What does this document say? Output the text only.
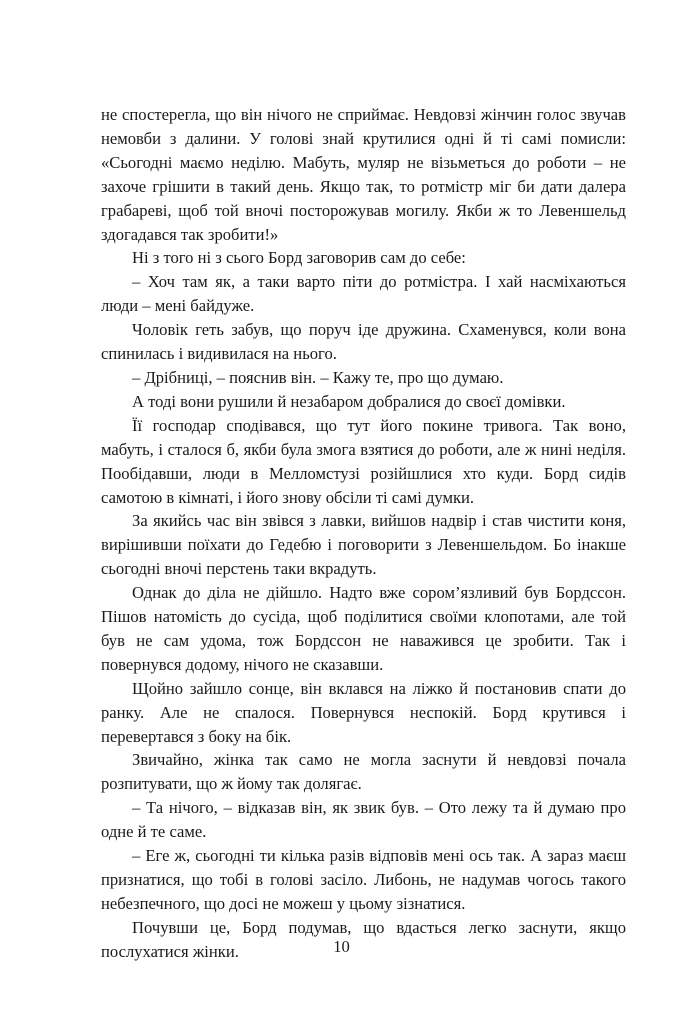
не спостерегла, що він нічого не сприймає. Невдовзі жінчин голос звучав немовби з далини. У голові знай крутилися одні й ті самі помисли: «Сьогодні маємо неділю. Мабуть, муляр не візьметься до роботи – не захоче грішити в такий день. Якщо так, то ротмістр міг би дати далера грабареві, щоб той вночі посторожував могилу. Якби ж то Левеншельд здогадався так зробити!»

Ні з того ні з сього Борд заговорив сам до себе:

– Хоч там як, а таки варто піти до ротмістра. І хай насміхаються люди – мені байдуже.

Чоловік геть забув, що поруч іде дружина. Схаменувся, коли вона спинилась і видивилася на нього.

– Дрібниці, – пояснив він. – Кажу те, про що думаю.

А тоді вони рушили й незабаром добралися до своєї домівки.

Її господар сподівався, що тут його покине тривога. Так воно, мабуть, і сталося б, якби була змога взятися до роботи, але ж нині неділя. Пообідавши, люди в Мелломстузі розійшлися хто куди. Борд сидів самотою в кімнаті, і його знову обсіли ті самі думки.

За якийсь час він звівся з лавки, вийшов надвір і став чистити коня, вирішивши поїхати до Гедебю і поговорити з Левеншельдом. Бо інакше сьогодні вночі перстень таки вкрадуть.

Однак до діла не дійшло. Надто вже сором’язливий був Бордссон. Пішов натомість до сусіда, щоб поділитися своїми клопотами, але той був не сам удома, тож Бордссон не наважився це зробити. Так і повернувся додому, нічого не сказавши.

Щойно зайшло сонце, він вклався на ліжко й постановив спати до ранку. Але не спалося. Повернувся неспокій. Борд крутився і перевертався з боку на бік.

Звичайно, жінка так само не могла заснути й невдовзі почала розпитувати, що ж йому так долягає.

– Та нічого, – відказав він, як звик був. – Ото лежу та й думаю про одне й те саме.

– Еге ж, сьогодні ти кілька разів відповів мені ось так. А зараз маєш признатися, що тобі в голові засіло. Либонь, не надумав чогось такого небезпечного, що досі не можеш у цьому зізнатися.

Почувши це, Борд подумав, що вдасться легко заснути, якщо послухатися жінки.	10
